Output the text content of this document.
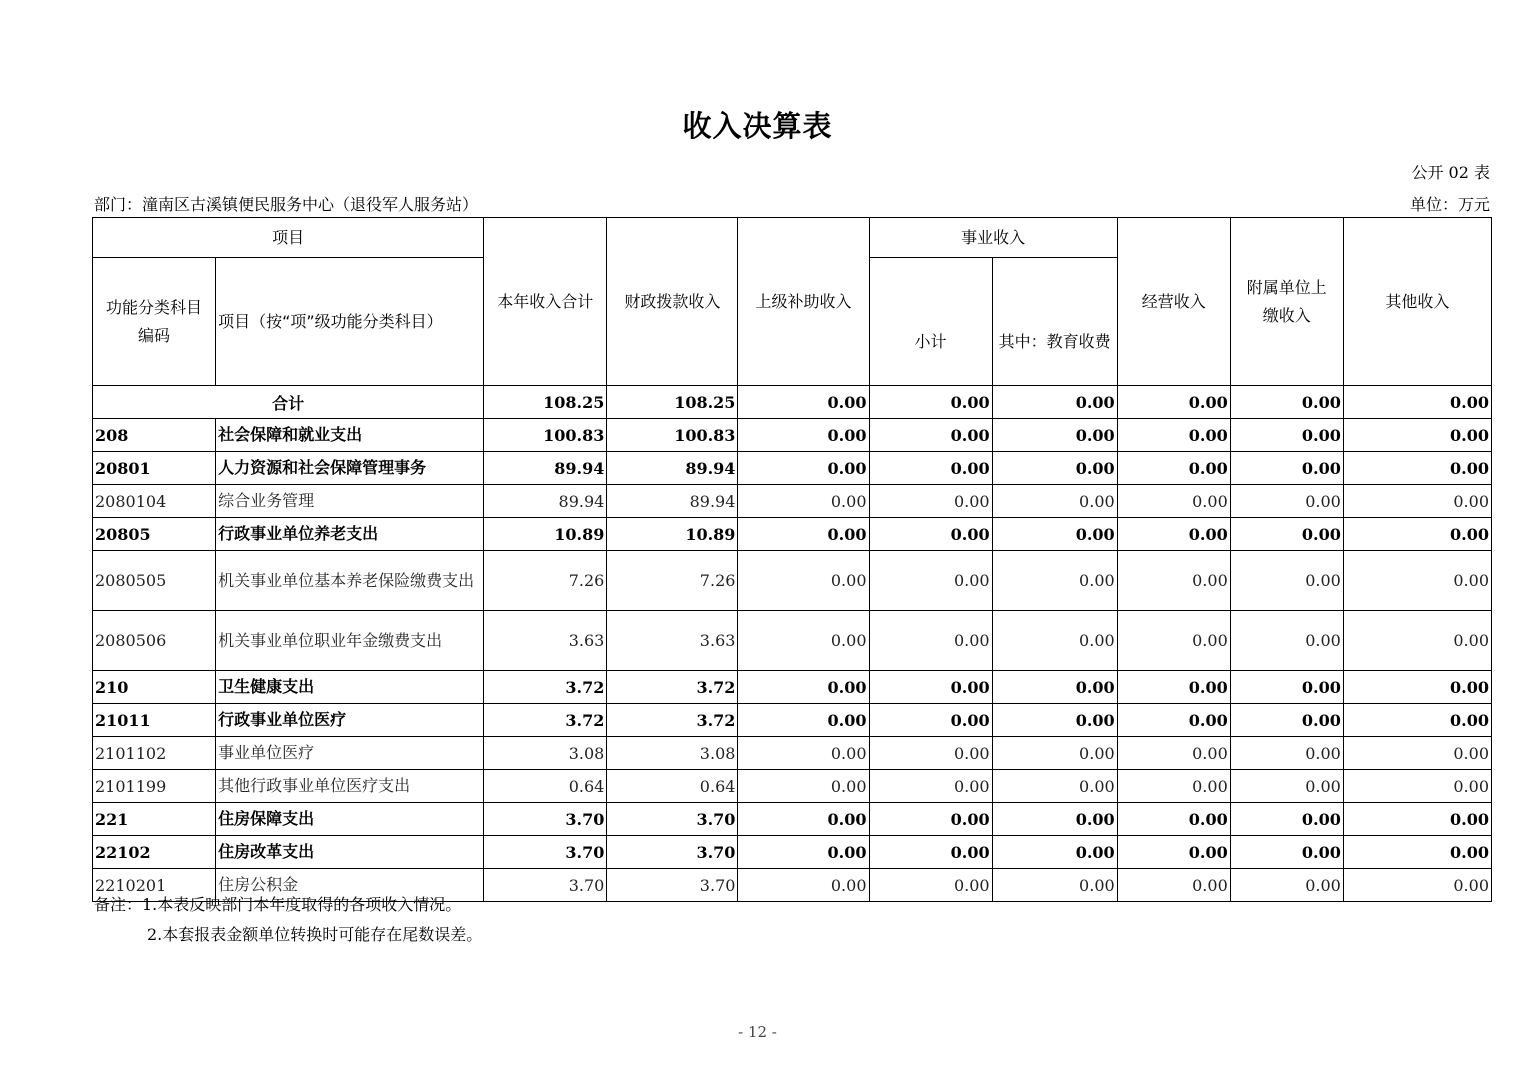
收入决算表
公开 02 表
部门：潼南区古溪镇便民服务中心（退役军人服务站）	单位：万元
项目		本年收入合计	财政拨款收入	上级补助收入	事业收入		经营收入	附属单位上缴收入	其他收入
功能分类科目编码	项目（按“项”级功能分类科目）				小计	其中：教育收费			
合计		108.25	108.25	0.00	0.00	0.00	0.00	0.00	0.00
208	社会保障和就业支出	100.83	100.83	0.00	0.00	0.00	0.00	0.00	0.00
20801	人力资源和社会保障管理事务	89.94	89.94	0.00	0.00	0.00	0.00	0.00	0.00
2080104	综合业务管理	89.94	89.94	0.00	0.00	0.00	0.00	0.00	0.00
20805	行政事业单位养老支出	10.89	10.89	0.00	0.00	0.00	0.00	0.00	0.00
2080505	机关事业单位基本养老保险缴费支出	7.26	7.26	0.00	0.00	0.00	0.00	0.00	0.00
2080506	机关事业单位职业年金缴费支出	3.63	3.63	0.00	0.00	0.00	0.00	0.00	0.00
210	卫生健康支出	3.72	3.72	0.00	0.00	0.00	0.00	0.00	0.00
21011	行政事业单位医疗	3.72	3.72	0.00	0.00	0.00	0.00	0.00	0.00
2101102	事业单位医疗	3.08	3.08	0.00	0.00	0.00	0.00	0.00	0.00
2101199	其他行政事业单位医疗支出	0.64	0.64	0.00	0.00	0.00	0.00	0.00	0.00
221	住房保障支出	3.70	3.70	0.00	0.00	0.00	0.00	0.00	0.00
22102	住房改革支出	3.70	3.70	0.00	0.00	0.00	0.00	0.00	0.00
2210201	住房公积金	3.70	3.70	0.00	0.00	0.00	0.00	0.00	0.00
备注：1.本表反映部门本年度取得的各项收入情况。
2.本套报表金额单位转换时可能存在尾数误差。
- 12 -
